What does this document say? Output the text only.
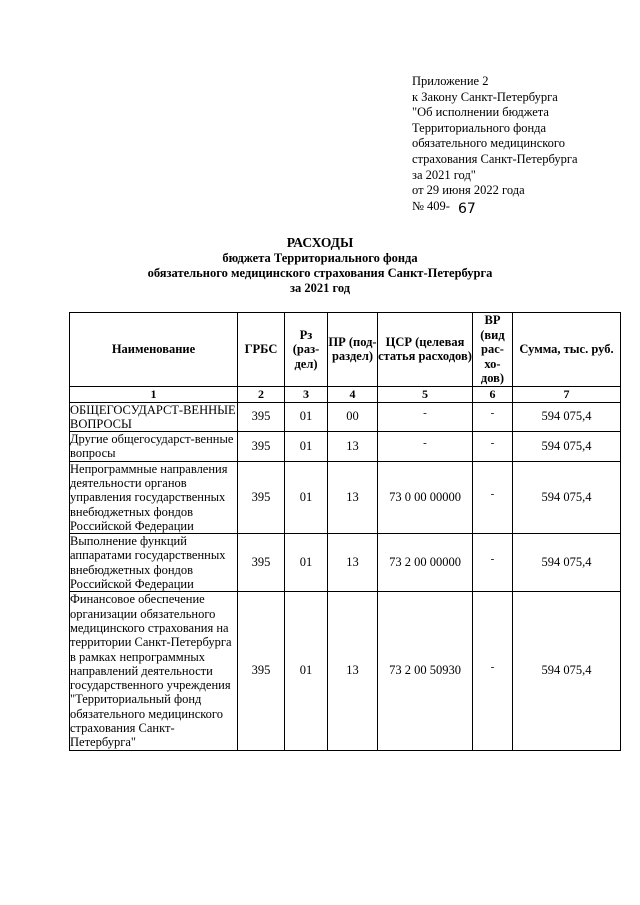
Приложение 2
к Закону Санкт-Петербурга
"Об исполнении бюджета
Территориального фонда
обязательного медицинского
страхования Санкт-Петербурга
за 2021 год"
от 29 июня 2022 года
№ 409- 67
РАСХОДЫ
бюджета Территориального фонда
обязательного медицинского страхования Санкт-Петербурга
за 2021 год
Наименование	ГРБС	Рз (раз-дел)	ПР (под-раздел)	ЦСР (целевая статья расходов)	ВР (вид рас-хо-дов)	Сумма, тыс. руб.
1	2	3	4	5	6	7
ОБЩЕГОСУДАРСТ-ВЕННЫЕ ВОПРОСЫ	395	01	00	-	-	594 075,4
Другие общегосударст-венные вопросы	395	01	13	-	-	594 075,4
Непрограммные направления деятельности органов управления государственных внебюджетных фондов Российской Федерации	395	01	13	73 0 00 00000	-	594 075,4
Выполнение функций аппаратами государственных внебюджетных фондов Российской Федерации	395	01	13	73 2 00 00000	-	594 075,4
Финансовое обеспечение организации обязательного медицинского страхования на территории Санкт-Петербурга в рамках непрограммных направлений деятельности государственного учреждения "Территориальный фонд обязательного медицинского страхования Санкт-Петербурга"	395	01	13	73 2 00 50930	-	594 075,4
